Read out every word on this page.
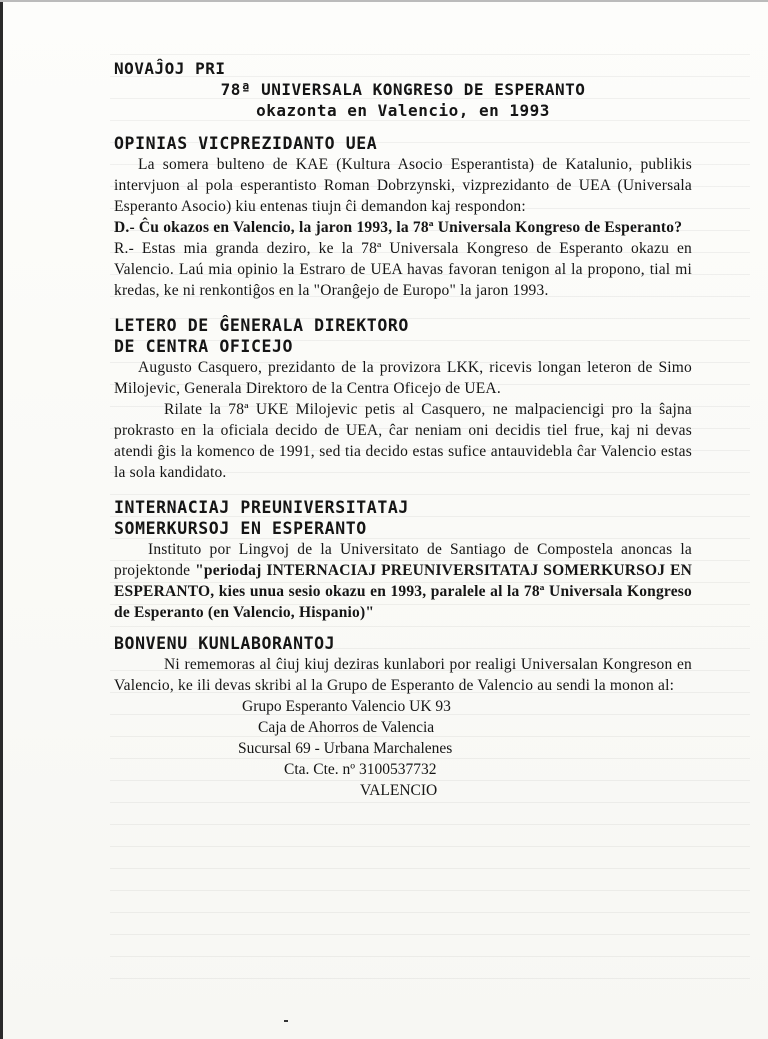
NOVAĴOJ PRI
78ª UNIVERSALA KONGRESO DE ESPERANTO
okazonta en Valencio, en 1993
OPINIAS VICPREZIDANTO UEA
La somera bulteno de KAE (Kultura Asocio Esperantista) de Katalunio, publikis intervjuon al pola esperantisto Roman Dobrzynski, vizprezidanto de UEA (Universala Esperanto Asocio) kiu entenas tiujn ĉi demandon kaj respondon:
D.- Ĉu okazos en Valencio, la jaron 1993, la 78ª Universala Kongreso de Esperanto?
R.- Estas mia granda deziro, ke la 78ª Universala Kongreso de Esperanto okazu en Valencio. Laú mia opinio la Estraro de UEA havas favoran tenigon al la propono, tial mi kredas, ke ni renkontiĝos en la "Oranĝejo de Europo" la jaron 1993.
LETERO DE ĜENERALA DIREKTORO
DE CENTRA OFICEJO
Augusto Casquero, prezidanto de la provizora LKK, ricevis longan leteron de Simo Milojevic, Generala Direktoro de la Centra Oficejo de UEA.
Rilate la 78ª UKE Milojevic petis al Casquero, ne malpaciencigi pro la ŝajna prokrasto en la oficiala decido de UEA, ĉar neniam oni decidis tiel frue, kaj ni devas atendi ĝis la komenco de 1991, sed tia decido estas sufice antauvidebla ĉar Valencio estas la sola kandidato.
INTERNACIAJ PREUNIVERSITATAJ
SOMERKURSOJ EN ESPERANTO
Instituto por Lingvoj de la Universitato de Santiago de Compostela anoncas la projektonde "periodaj INTERNACIAJ PREUNIVERSITATAJ SOMERKURSOJ EN ESPERANTO, kies unua sesio okazu en 1993, paralele al la 78ª Universala Kongreso de Esperanto (en Valencio, Hispanio)"
BONVENU KUNLABORANTOJ
Ni rememoras al ĉiuj kiuj deziras kunlabori por realigi Universalan Kongreson en Valencio, ke ili devas skribi al la Grupo de Esperanto de Valencio au sendi la monon al:
Grupo Esperanto Valencio UK 93
Caja de Ahorros de Valencia
Sucursal 69 - Urbana Marchalenes
Cta. Cte. nº 3100537732
VALENCIO
